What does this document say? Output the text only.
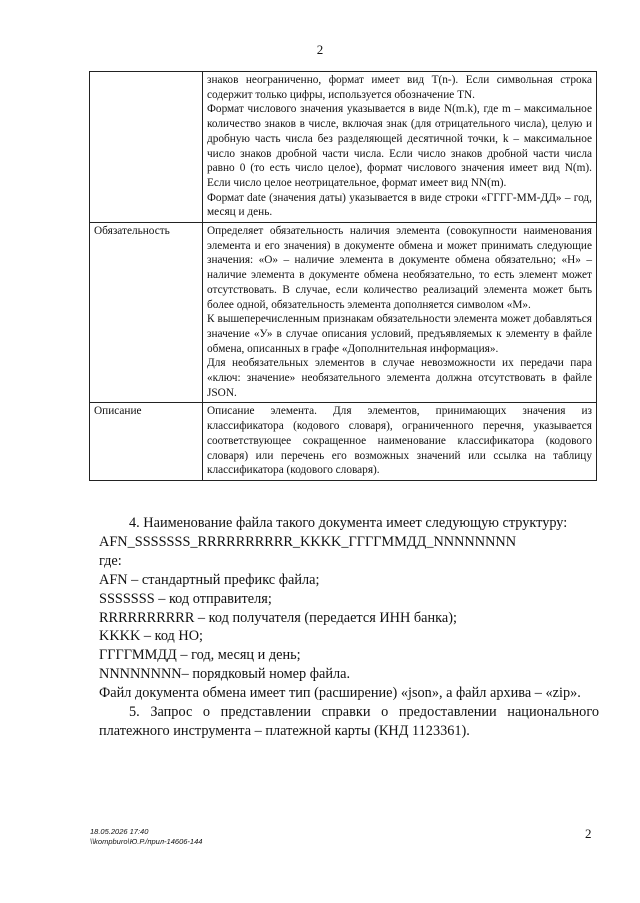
2

	знаков неограниченно, формат имеет вид T(n-). Если символьная строка содержит только цифры, используется обозначение TN.

Формат числового значения указывается в виде N(m.k), где m – максимальное количество знаков в числе, включая знак (для отрицательного числа), целую и дробную часть числа без разделяющей десятичной точки, k – максимальное число знаков дробной части числа. Если число знаков дробной части числа равно 0 (то есть число целое), формат числового значения имеет вид N(m). Если число целое неотрицательное, формат имеет вид NN(m).

Формат date (значения даты) указывается в виде строки «ГГГГ-ММ-ДД» – год, месяц и день.

Обязательность	Определяет обязательность наличия элемента (совокупности наименования элемента и его значения) в документе обмена и может принимать следующие значения: «О» – наличие элемента в документе обмена обязательно; «Н» – наличие элемента в документе обмена необязательно, то есть элемент может отсутствовать. В случае, если количество реализаций элемента может быть более одной, обязательность элемента дополняется символом «М».

К вышеперечисленным признакам обязательности элемента может добавляться значение «У» в случае описания условий, предъявляемых к элементу в файле обмена, описанных в графе «Дополнительная информация».

Для необязательных элементов в случае невозможности их передачи пара «ключ: значение» необязательного элемента должна отсутствовать в файле JSON.

Описание	Описание элемента. Для элементов, принимающих значения из классификатора (кодового словаря), ограниченного перечня, указывается соответствующее сокращенное наименование классификатора (кодового словаря) или перечень его возможных значений или ссылка на таблицу классификатора (кодового словаря).

4. Наименование файла такого документа имеет следующую структуру:

AFN_SSSSSSS_RRRRRRRRRR_KKKK_ГГГГММДД_NNNNNNNN

где:

AFN – стандартный префикс файла;

SSSSSSS – код отправителя;

RRRRRRRRRR – код получателя (передается ИНН банка);

KKKK – код НО;

ГГГГММДД – год, месяц и день;

NNNNNNNN– порядковый номер файла.

Файл документа обмена имеет тип (расширение) «json», а файл архива – «zip».

5. Запрос о представлении справки о предоставлении национального платежного инструмента – платежной карты (КНД 1123361).

18.05.2026 17:40
\\kompburo\Ю.Р./прил-14606-144	2
